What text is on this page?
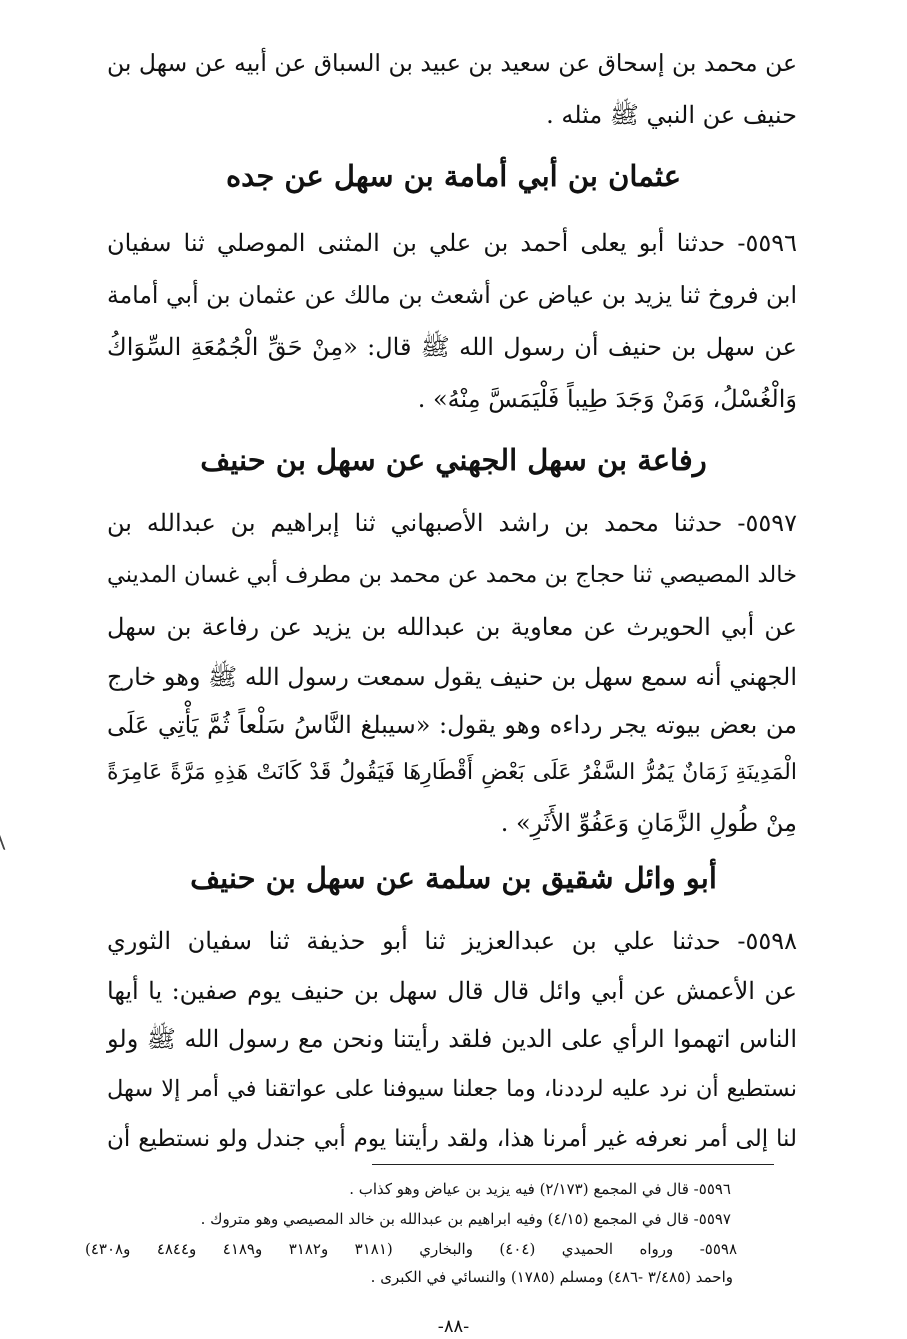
عن محمد بن إسحاق عن سعيد بن عبيد بن السباق عن أبيه عن سهل بن
حنيف عن النبي ﷺ مثله .
عثمان بن أبي أمامة بن سهل عن جده
٥٥٩٦- حدثنا أبو يعلى أحمد بن علي بن المثنى الموصلي ثنا سفيان
ابن فروخ ثنا يزيد بن عياض عن أشعث بن مالك عن عثمان بن أبي أمامة
عن سهل بن حنيف أن رسول الله ﷺ قال: «مِنْ حَقِّ الْجُمُعَةِ السِّوَاكُ
وَالْغُسْلُ، وَمَنْ وَجَدَ طِيباً فَلْيَمَسَّ مِنْهُ» .
رفاعة بن سهل الجهني عن سهل بن حنيف
٥٥٩٧- حدثنا محمد بن راشد الأصبهاني ثنا إبراهيم بن عبدالله بن
خالد المصيصي ثنا حجاج بن محمد عن محمد بن مطرف أبي غسان المديني
عن أبي الحويرث عن معاوية بن عبدالله بن يزيد عن رفاعة بن سهل
الجهني أنه سمع سهل بن حنيف يقول سمعت رسول الله ﷺ وهو خارج
من بعض بيوته يجر رداءه وهو يقول: «سيبلغ النَّاسُ سَلْعاً ثُمَّ يَأْتِي عَلَى
الْمَدِينَةِ زَمَانٌ يَمُرُّ السَّفْرُ عَلَى بَعْضِ أَقْطَارِهَا فَيَقُولُ قَدْ كَانَتْ هَذِهِ مَرَّةً عَامِرَةً
مِنْ طُولِ الزَّمَانِ وَعَفُوِّ الأَثَرِ» .
أبو وائل شقيق بن سلمة عن سهل بن حنيف
٥٥٩٨- حدثنا علي بن عبدالعزيز ثنا أبو حذيفة ثنا سفيان الثوري
عن الأعمش عن أبي وائل قال قال سهل بن حنيف يوم صفين: يا أيها
الناس اتهموا الرأي على الدين فلقد رأيتنا ونحن مع رسول الله ﷺ ولو
نستطيع أن نرد عليه لرددنا، وما جعلنا سيوفنا على عواتقنا في أمر إلا سهل
لنا إلى أمر نعرفه غير أمرنا هذا، ولقد رأيتنا يوم أبي جندل ولو نستطيع أن
٥٥٩٦- قال في المجمع (٢/١٧٣) فيه يزيد بن عياض وهو كذاب .
٥٥٩٧- قال في المجمع (٤/١٥) وفيه ابراهيم بن عبدالله بن خالد المصيصي وهو متروك .
٥٥٩٨- ورواه الحميدي (٤٠٤) والبخاري (٣١٨١ و٣١٨٢ و٤١٨٩ و٤٨٤٤ و٤٣٠٨)
واحمد (٣/٤٨٥ -٤٨٦) ومسلم (١٧٨٥) والنسائي في الكبرى .
-٨٨-
